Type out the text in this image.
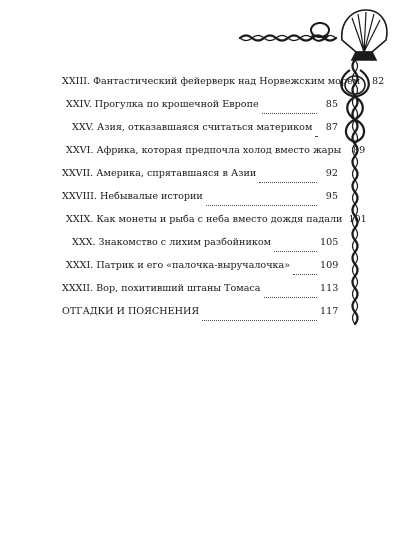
XXIII. Фантастический фейерверк над Норвежским морем	82
XXIV. Прогулка по крошечной Европе	85
XXV. Азия, отказавшаяся считаться материком	87
XXVI. Африка, которая предпочла холод вместо жары	89
XXVII. Америка, спрятавшаяся в Азии	92
XXVIII. Небывалые истории	95
XXIX. Как монеты и рыба с неба вместо дождя падали 101
XXX. Знакомство с лихим разбойником	105
XXXI. Патрик и его «палочка-выручалочка»	109
XXXII. Вор, похитивший штаны Томаса	113
ОТГАДКИ И ПОЯСНЕНИЯ	117
